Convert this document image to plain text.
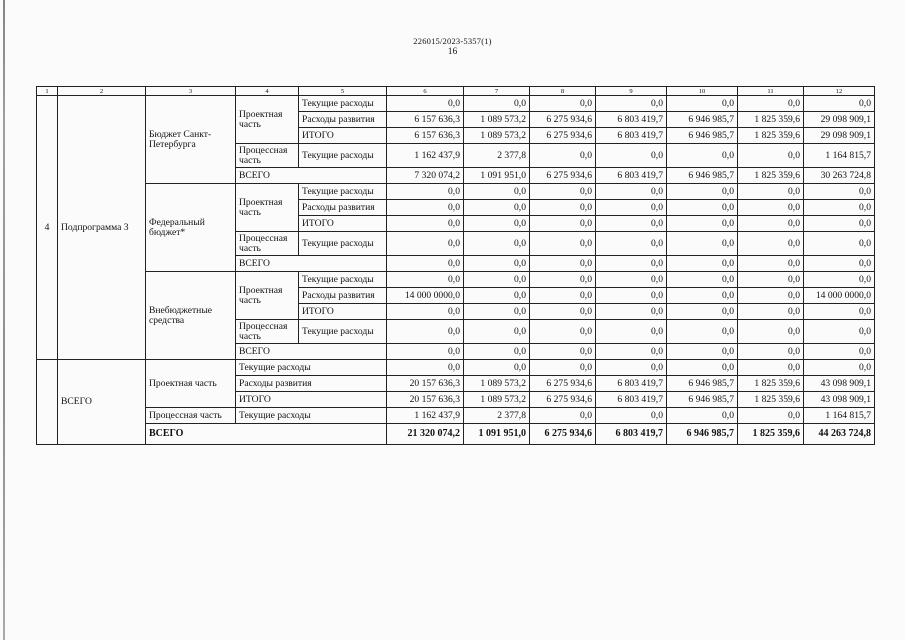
226015/2023-5357(1)
16
1	2	3	4	5	6	7	8	9	10	11	12
4	Подпрограмма 3	Бюджет Санкт-Петербурга	Проектная часть	Текущие расходы	0,0	0,0	0,0	0,0	0,0	0,0	0,0
				Расходы развития	6 157 636,3	1 089 573,2	6 275 934,6	6 803 419,7	6 946 985,7	1 825 359,6	29 098 909,1
				ИТОГО	6 157 636,3	1 089 573,2	6 275 934,6	6 803 419,7	6 946 985,7	1 825 359,6	29 098 909,1
			Процессная часть	Текущие расходы	1 162 437,9	2 377,8	0,0	0,0	0,0	0,0	1 164 815,7
			ВСЕГО		7 320 074,2	1 091 951,0	6 275 934,6	6 803 419,7	6 946 985,7	1 825 359,6	30 263 724,8
		Федеральный бюджет*	Проектная часть	Текущие расходы	0,0	0,0	0,0	0,0	0,0	0,0	0,0
				Расходы развития	0,0	0,0	0,0	0,0	0,0	0,0	0,0
				ИТОГО	0,0	0,0	0,0	0,0	0,0	0,0	0,0
			Процессная часть	Текущие расходы	0,0	0,0	0,0	0,0	0,0	0,0	0,0
			ВСЕГО		0,0	0,0	0,0	0,0	0,0	0,0	0,0
		Внебюджетные средства	Проектная часть	Текущие расходы	0,0	0,0	0,0	0,0	0,0	0,0	0,0
				Расходы развития	14 000 0000,0	0,0	0,0	0,0	0,0	0,0	14 000 0000,0
				ИТОГО	0,0	0,0	0,0	0,0	0,0	0,0	0,0
			Процессная часть	Текущие расходы	0,0	0,0	0,0	0,0	0,0	0,0	0,0
			ВСЕГО		0,0	0,0	0,0	0,0	0,0	0,0	0,0
	ВСЕГО	Проектная часть	Текущие расходы		0,0	0,0	0,0	0,0	0,0	0,0	0,0
			Расходы развития		20 157 636,3	1 089 573,2	6 275 934,6	6 803 419,7	6 946 985,7	1 825 359,6	43 098 909,1
			ИТОГО		20 157 636,3	1 089 573,2	6 275 934,6	6 803 419,7	6 946 985,7	1 825 359,6	43 098 909,1
		Процессная часть	Текущие расходы		1 162 437,9	2 377,8	0,0	0,0	0,0	0,0	1 164 815,7
		ВСЕГО			21 320 074,2	1 091 951,0	6 275 934,6	6 803 419,7	6 946 985,7	1 825 359,6	44 263 724,8
